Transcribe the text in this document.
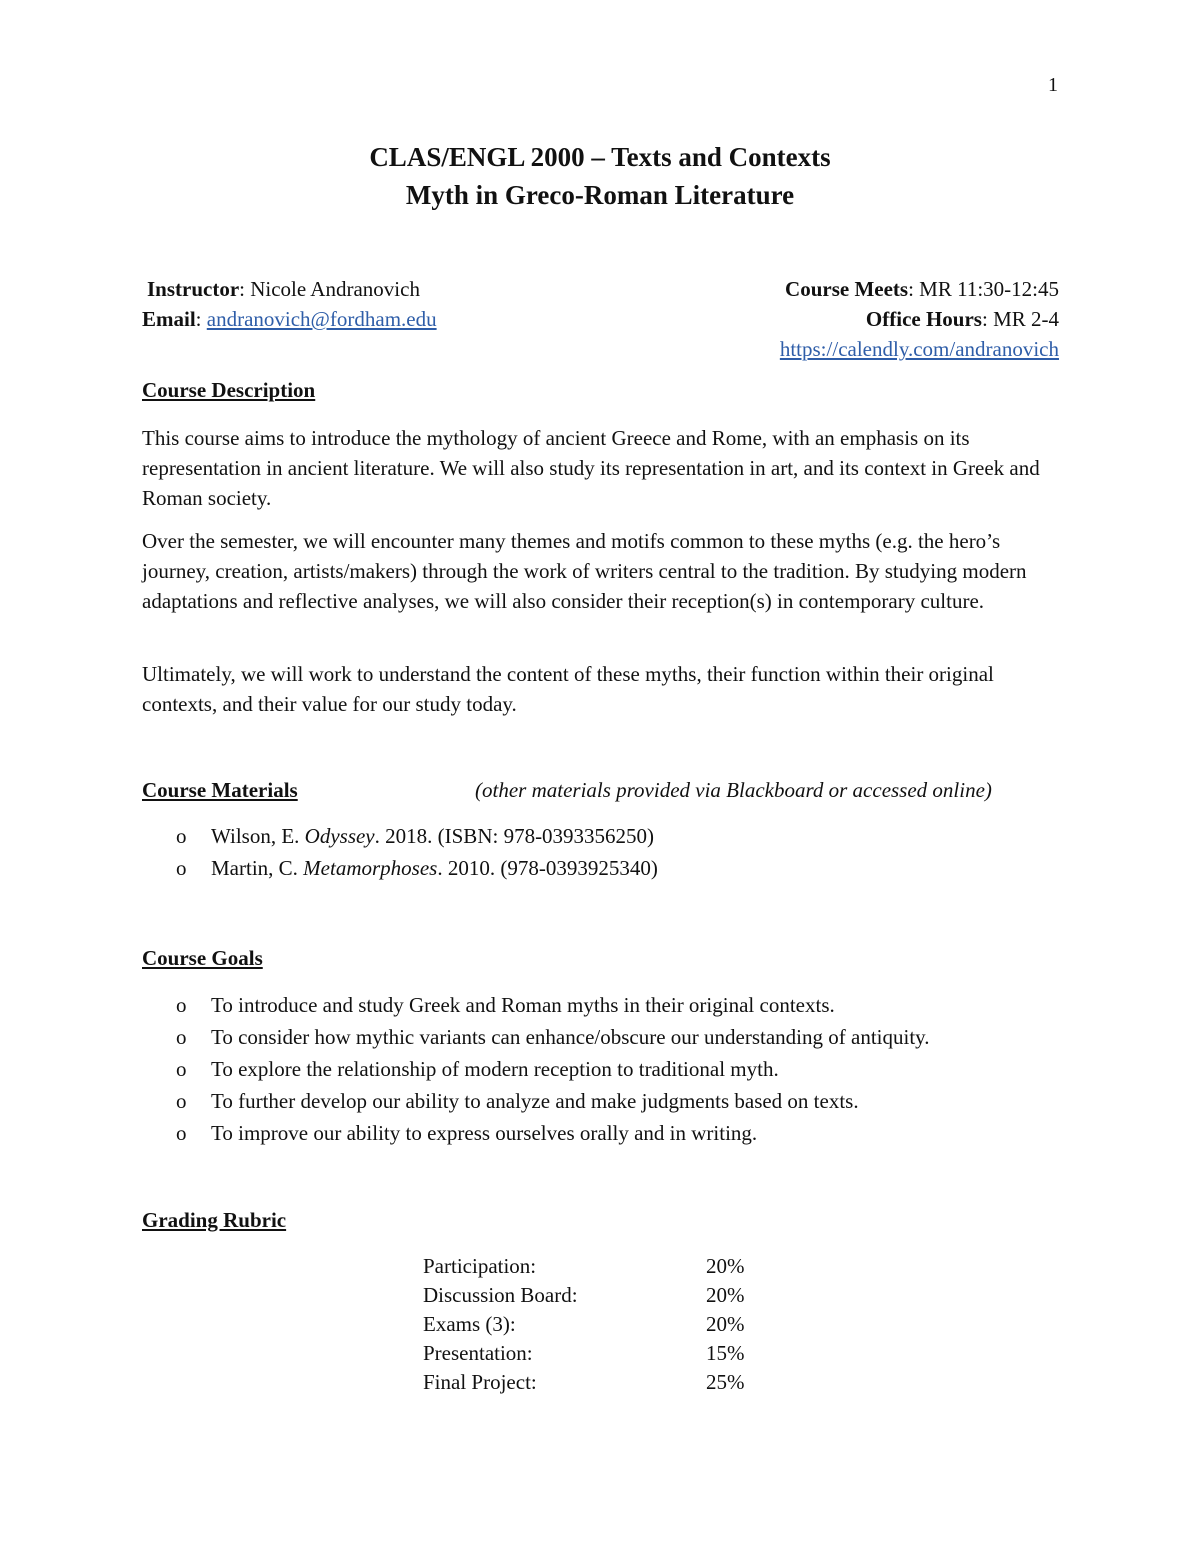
1
CLAS/ENGL 2000 – Texts and Contexts
Myth in Greco-Roman Literature
Instructor: Nicole Andranovich
Email: andranovich@fordham.edu
Course Meets: MR 11:30-12:45
Office Hours: MR 2-4
https://calendly.com/andranovich
Course Description

This course aims to introduce the mythology of ancient Greece and Rome, with an emphasis on its representation in ancient literature. We will also study its representation in art, and its context in Greek and Roman society.

Over the semester, we will encounter many themes and motifs common to these myths (e.g. the hero’s journey, creation, artists/makers) through the work of writers central to the tradition. By studying modern adaptations and reflective analyses, we will also consider their reception(s) in contemporary culture.

Ultimately, we will work to understand the content of these myths, their function within their original contexts, and their value for our study today.

Course Materials	(other materials provided via Blackboard or accessed online)
o	Wilson, E. Odyssey. 2018. (ISBN: 978-0393356250)
o	Martin, C. Metamorphoses. 2010. (978-0393925340)
Course Goals
o	To introduce and study Greek and Roman myths in their original contexts.
o	To consider how mythic variants can enhance/obscure our understanding of antiquity.
o	To explore the relationship of modern reception to traditional myth.
o	To further develop our ability to analyze and make judgments based on texts.
o	To improve our ability to express ourselves orally and in writing.
Grading Rubric
Participation:	20%
Discussion Board:	20%
Exams (3):	20%
Presentation:	15%
Final Project:	25%
